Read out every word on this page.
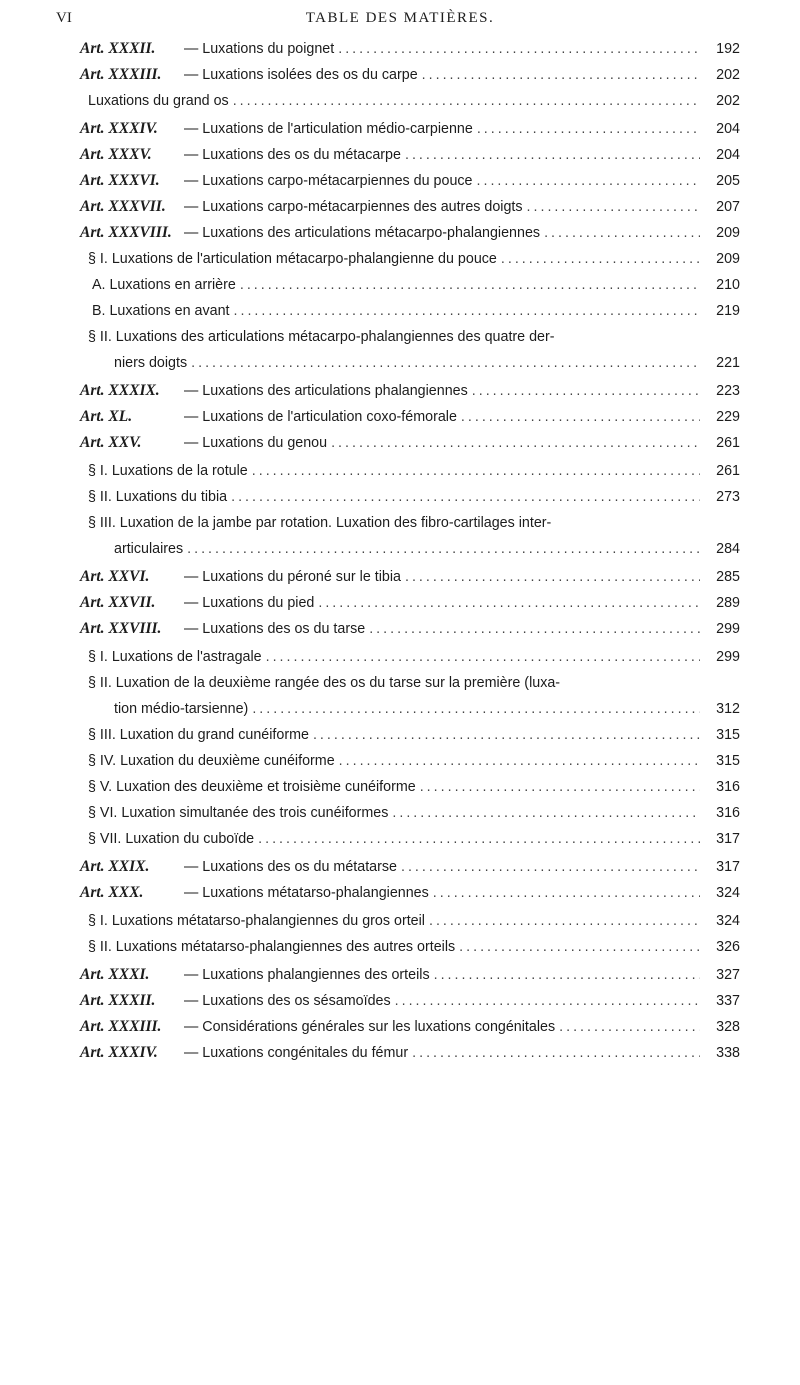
VI	TABLE DES MATIÈRES.
Art. XXXII.	— Luxations du poignet .....	192
Art. XXXIII.	— Luxations isolées des os du carpe .....	202
Luxations du grand os .....	202
Art. XXXIV.	— Luxations de l'articulation médio-carpienne .....	204
Art. XXXV.	— Luxations des os du métacarpe .....	204
Art. XXXVI.	— Luxations carpo-métacarpiennes du pouce .....	205
Art. XXXVII.	— Luxations carpo-métacarpiennes des autres doigts .....	207
Art. XXXVIII. — Luxations des articulations métacarpo-phalangiennes .....	209
§ I. Luxations de l'articulation métacarpo-phalangienne du pouce .....	209
A. Luxations en arrière .....	210
B. Luxations en avant .....	219
§ II. Luxations des articulations métacarpo-phalangiennes des quatre der-
niers doigts .....	221
Art. XXXIX.	— Luxations des articulations phalangiennes .....	223
Art. XL.	— Luxations de l'articulation coxo-fémorale .....	229
Art. XXV.	— Luxations du genou .....	261
§ I. Luxations de la rotule .....	261
§ II. Luxations du tibia .....	273
§ III. Luxation de la jambe par rotation. Luxation des fibro-cartilages inter-
articulaires .....	284
Art. XXVI.	— Luxations du péroné sur le tibia .....	285
Art. XXVII.	— Luxations du pied .....	289
Art. XXVIII.	— Luxations des os du tarse .....	299
§ I. Luxations de l'astragale .....	299
§ II. Luxation de la deuxième rangée des os du tarse sur la première (luxa-
tion médio-tarsienne) .....	312
§ III. Luxation du grand cunéiforme .....	315
§ IV. Luxation du deuxième cunéiforme .....	315
§ V. Luxation des deuxième et troisième cunéiforme .....	316
§ VI. Luxation simultanée des trois cunéiformes .....	316
§ VII. Luxation du cuboïde .....	317
Art. XXIX.	— Luxations des os du métatarse .....	317
Art. XXX.	— Luxations métatarso-phalangiennes .....	324
§ I. Luxations métatarso-phalangiennes du gros orteil .....	324
§ II. Luxations métatarso-phalangiennes des autres orteils .....	326
Art. XXXI.	— Luxations phalangiennes des orteils .....	327
Art. XXXII.	— Luxations des os sésamoïdes .....	337
Art. XXXIII.	— Considérations générales sur les luxations congénitales .....	328
Art. XXXIV.	— Luxations congénitales du fémur .....	338
